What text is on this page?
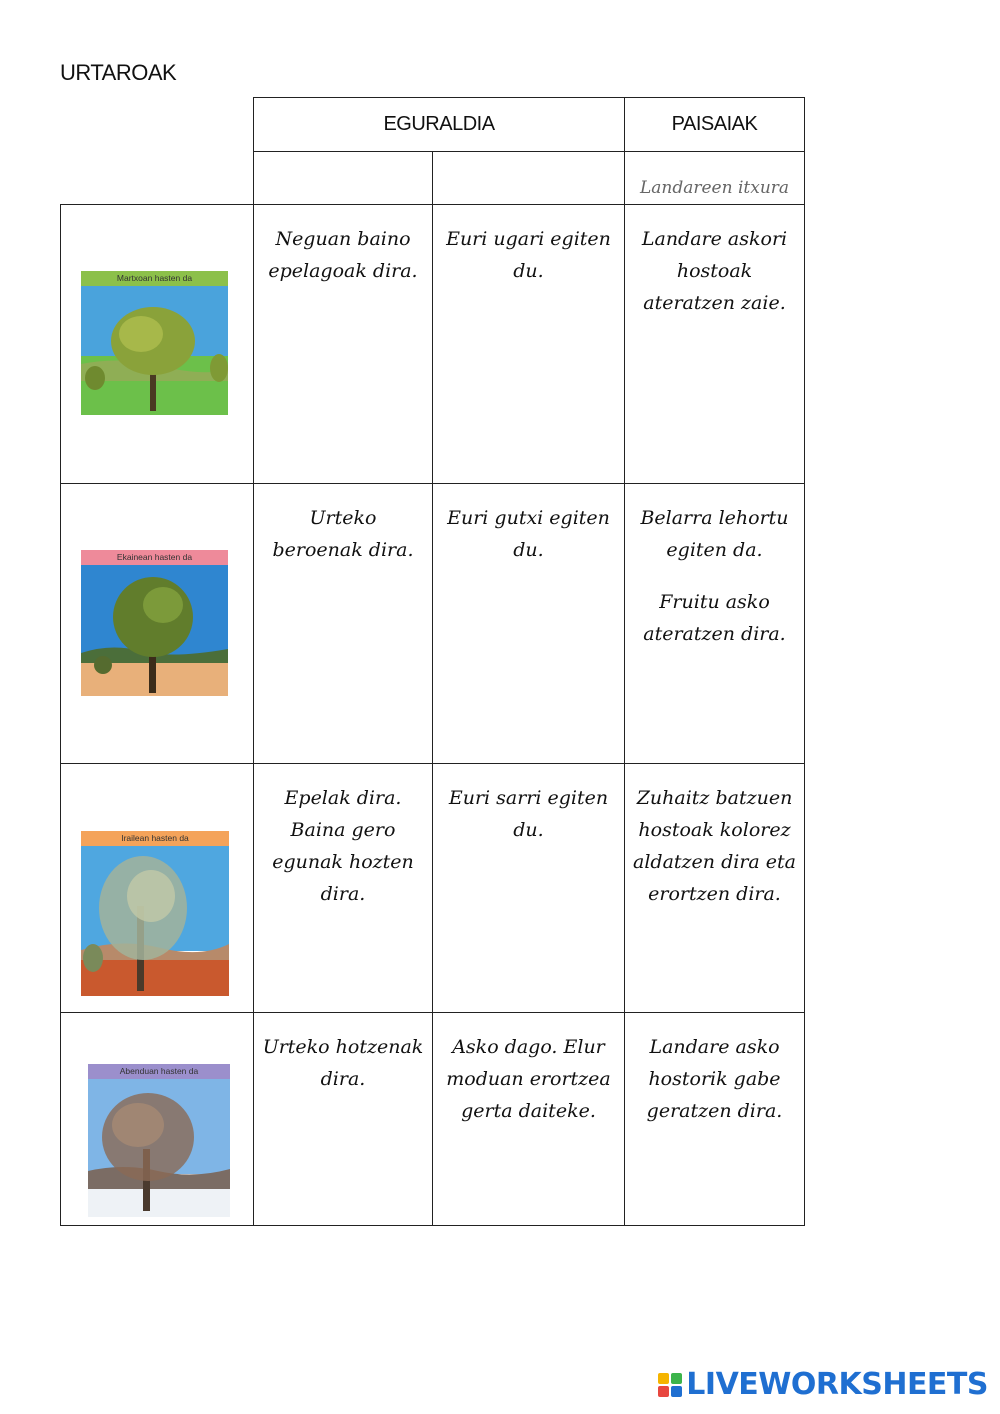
URTAROAK
EGURALDIA	PAISAIAK
Landareen itxura
Martxoan hasten da

Neguan baino epelagoak dira.

Euri ugari egiten du.

Landare askori hostoak ateratzen zaie.

Ekainean hasten da

Urteko beroenak dira.

Euri gutxi egiten du.

Belarra lehortu egiten da.

Fruitu asko ateratzen dira.

Irailean hasten da

Epelak dira. Baina gero egunak hozten dira.

Euri sarri egiten du.

Zuhaitz batzuen hostoak kolorez aldatzen dira eta erortzen dira.

Abenduan hasten da

Urteko hotzenak dira.

Asko dago. Elur moduan erortzea gerta daiteke.

Landare asko hostorik gabe geratzen dira.

LIVEWORKSHEETS
